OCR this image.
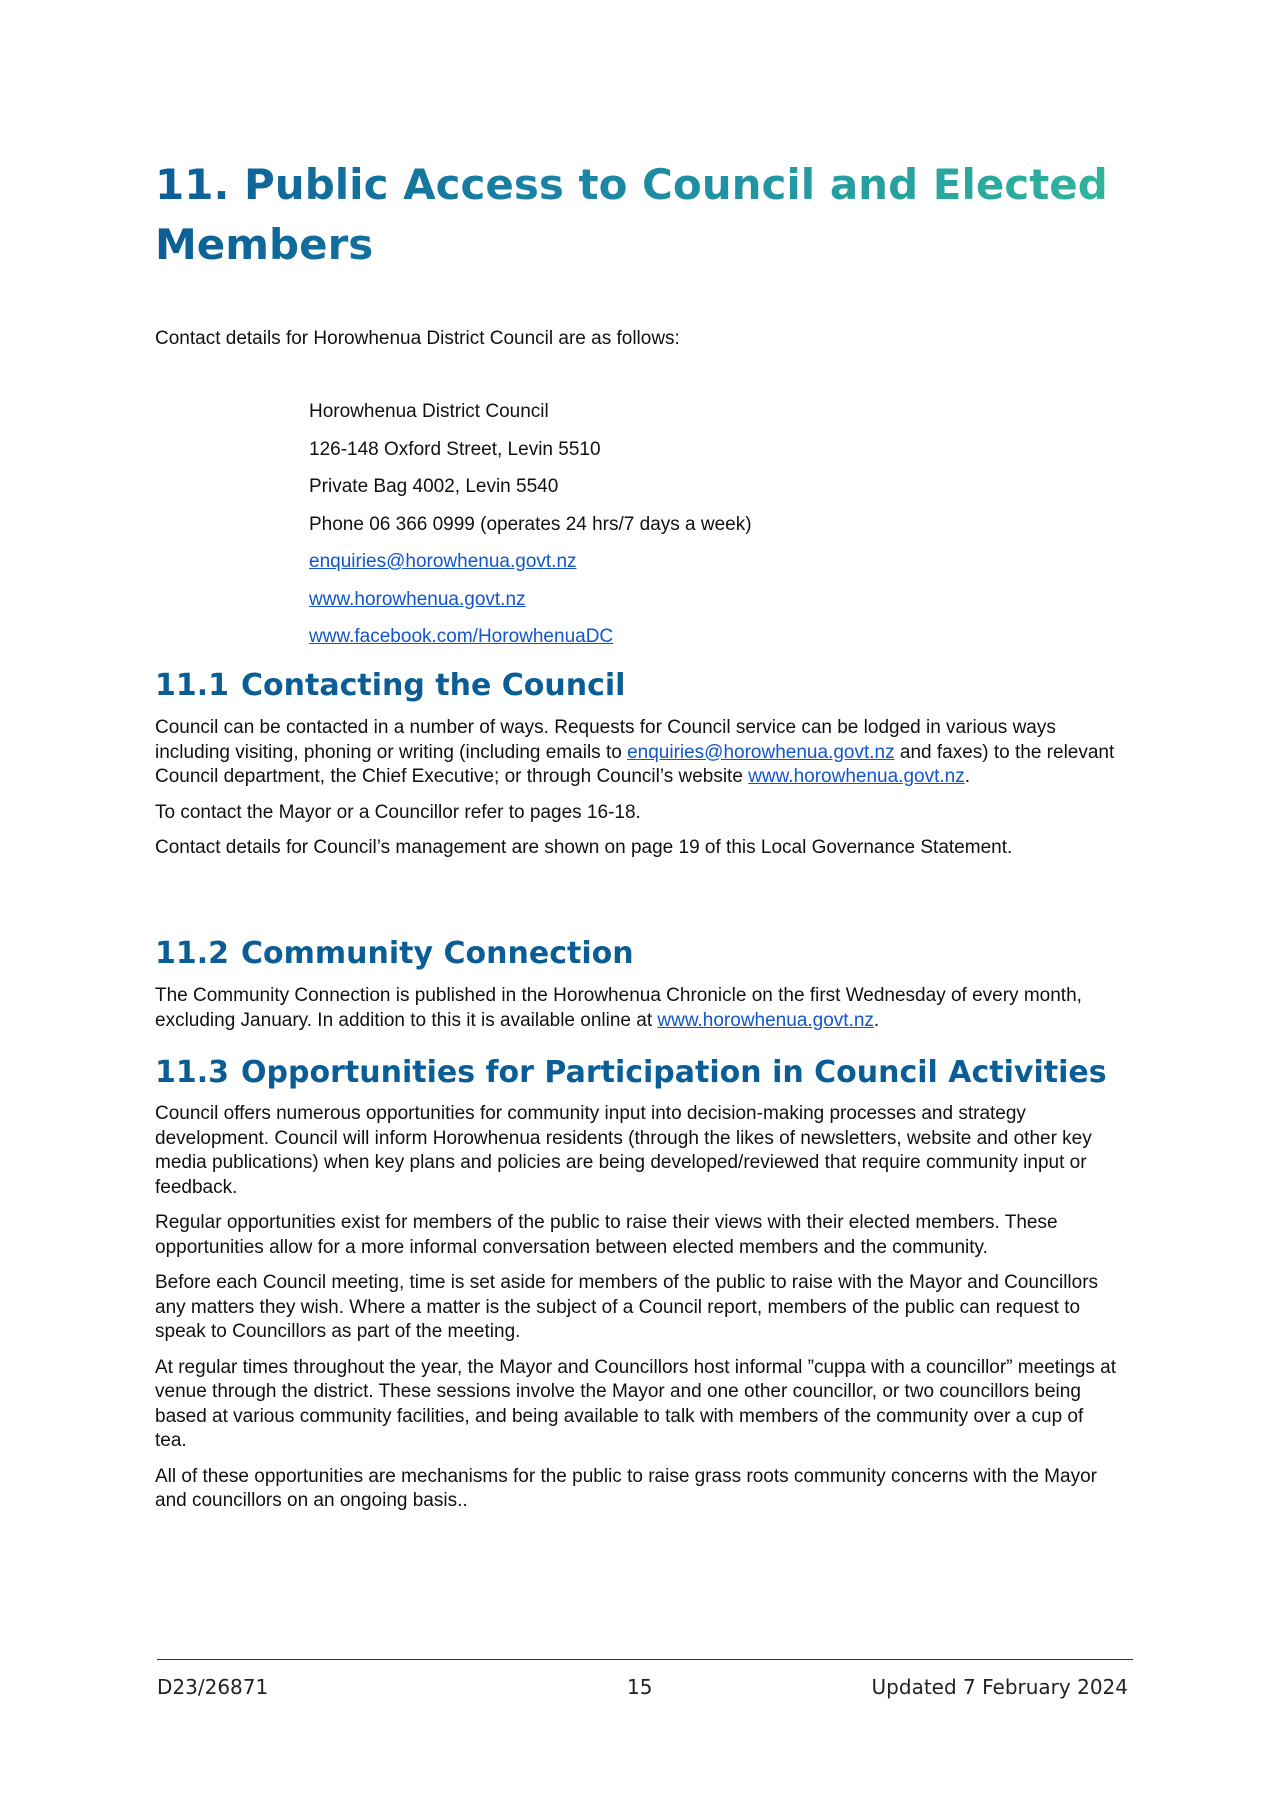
11. Public Access to Council and Elected Members

Contact details for Horowhenua District Council are as follows:

Horowhenua District Council
126-148 Oxford Street, Levin 5510
Private Bag 4002, Levin 5540
Phone 06 366 0999 (operates 24 hrs/7 days a week)
enquiries@horowhenua.govt.nz
www.horowhenua.govt.nz
www.facebook.com/HorowhenuaDC
11.1 Contacting the Council

Council can be contacted in a number of ways. Requests for Council service can be lodged in various ways including visiting, phoning or writing (including emails to enquiries@horowhenua.govt.nz and faxes) to the relevant Council department, the Chief Executive; or through Council’s website www.horowhenua.govt.nz.

To contact the Mayor or a Councillor refer to pages 16-18.

Contact details for Council’s management are shown on page 19 of this Local Governance Statement.

11.2 Community Connection

The Community Connection is published in the Horowhenua Chronicle on the first Wednesday of every month, excluding January. In addition to this it is available online at www.horowhenua.govt.nz.

11.3 Opportunities for Participation in Council Activities

Council offers numerous opportunities for community input into decision-making processes and strategy development. Council will inform Horowhenua residents (through the likes of newsletters, website and other key media publications) when key plans and policies are being developed/reviewed that require community input or feedback.

Regular opportunities exist for members of the public to raise their views with their elected members. These opportunities allow for a more informal conversation between elected members and the community.

Before each Council meeting, time is set aside for members of the public to raise with the Mayor and Councillors any matters they wish. Where a matter is the subject of a Council report, members of the public can request to speak to Councillors as part of the meeting.

At regular times throughout the year, the Mayor and Councillors host informal ”cuppa with a councillor” meetings at venue through the district. These sessions involve the Mayor and one other councillor, or two councillors being based at various community facilities, and being available to talk with members of the community over a cup of tea.

All of these opportunities are mechanisms for the public to raise grass roots community concerns with the Mayor and councillors on an ongoing basis..

D23/26871	15	Updated 7 February 2024
